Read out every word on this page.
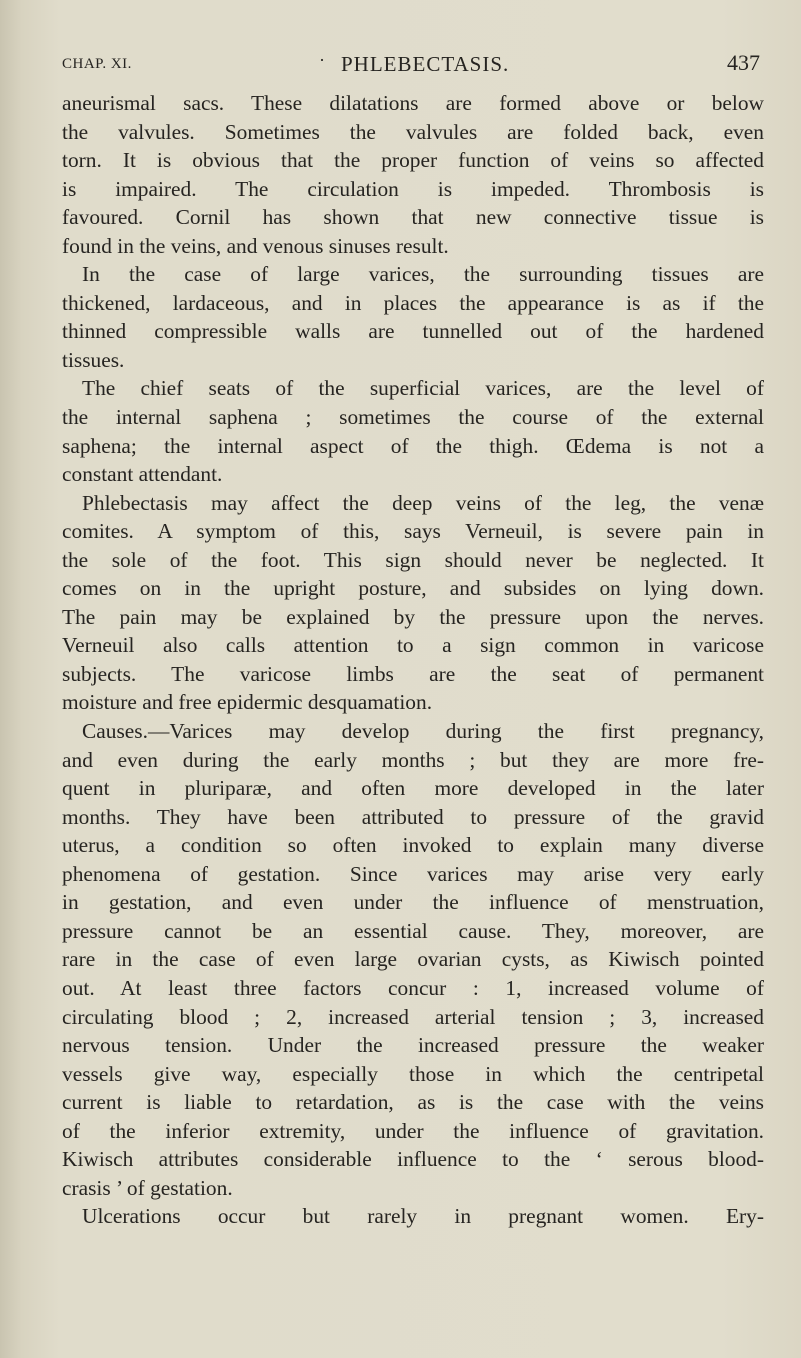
CHAP. XI.	· PHLEBECTASIS.	437
aneurismal sacs. These dilatations are formed above or below
the valvules. Sometimes the valvules are folded back, even
torn. It is obvious that the proper function of veins so affected
is impaired. The circulation is impeded. Thrombosis is
favoured. Cornil has shown that new connective tissue is
found in the veins, and venous sinuses result.
In the case of large varices, the surrounding tissues are
thickened, lardaceous, and in places the appearance is as if the
thinned compressible walls are tunnelled out of the hardened
tissues.
The chief seats of the superficial varices, are the level of
the internal saphena ; sometimes the course of the external
saphena; the internal aspect of the thigh. Œdema is not a
constant attendant.
Phlebectasis may affect the deep veins of the leg, the venæ
comites. A symptom of this, says Verneuil, is severe pain in
the sole of the foot. This sign should never be neglected. It
comes on in the upright posture, and subsides on lying down.
The pain may be explained by the pressure upon the nerves.
Verneuil also calls attention to a sign common in varicose
subjects. The varicose limbs are the seat of permanent
moisture and free epidermic desquamation.
Causes.—Varices may develop during the first pregnancy,
and even during the early months ; but they are more fre-
quent in pluriparæ, and often more developed in the later
months. They have been attributed to pressure of the gravid
uterus, a condition so often invoked to explain many diverse
phenomena of gestation. Since varices may arise very early
in gestation, and even under the influence of menstruation,
pressure cannot be an essential cause. They, moreover, are
rare in the case of even large ovarian cysts, as Kiwisch pointed
out. At least three factors concur : 1, increased volume of
circulating blood ; 2, increased arterial tension ; 3, increased
nervous tension. Under the increased pressure the weaker
vessels give way, especially those in which the centripetal
current is liable to retardation, as is the case with the veins
of the inferior extremity, under the influence of gravitation.
Kiwisch attributes considerable influence to the ‘ serous blood-
crasis ’ of gestation.
Ulcerations occur but rarely in pregnant women. Ery-
